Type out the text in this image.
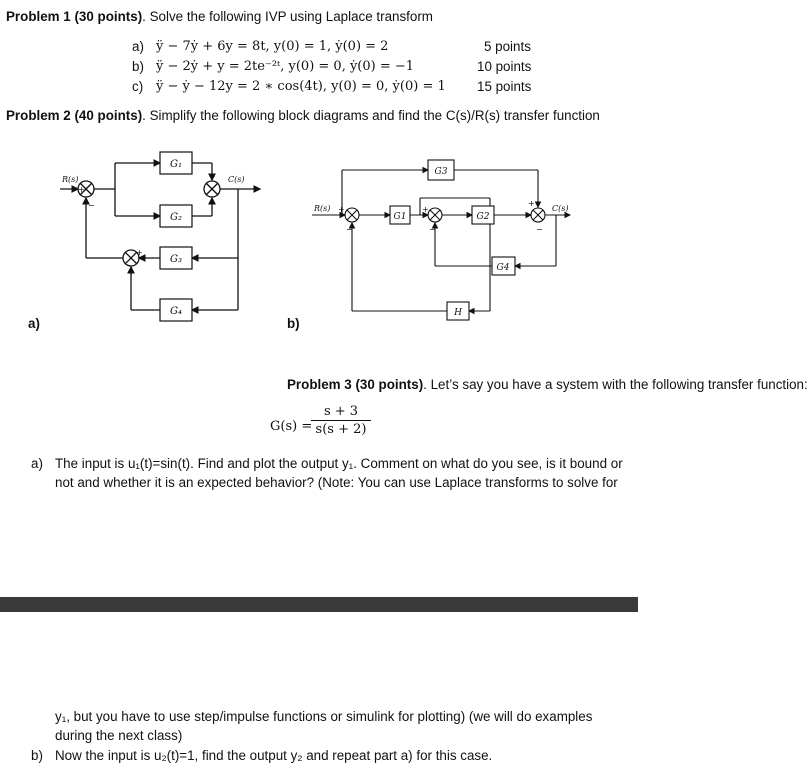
Problem 1 (30 points). Solve the following IVP using Laplace transform
a) ÿ − 7ẏ + 6y = 8t, y(0) = 1, ẏ(0) = 2	5 points
b) ÿ − 2ẏ + y = 2te⁻²ᵗ, y(0) = 0, ẏ(0) = −1	10 points
c) ÿ − ẏ − 12y = 2 ∗ cos(4t), y(0) = 0, ẏ(0) = 1 15 points
Problem 2 (40 points). Simplify the following block diagrams and find the C(s)/R(s) transfer function
G₁
G₂
G₃
G₄
R(s)	C(s)
+
−
+
+
+
+
a)
G1	G2
G3
G4
H
R(s)	C(s)
+
−
+
−
+
−
b)
Problem 3 (30 points). Let’s say you have a system with the following transfer function:
G(s) =
$\frac{s + 3}{s(s + 2)}$
a) The input is u₁(t)=sin(t). Find and plot the output y₁. Comment on what do you see, is it bound or
not and whether it is an expected behavior? (Note: You can use Laplace transforms to solve for
y₁, but you have to use step/impulse functions or simulink for plotting) (we will do examples
during the next class)
b) Now the input is u₂(t)=1, find the output y₂ and repeat part a) for this case.
